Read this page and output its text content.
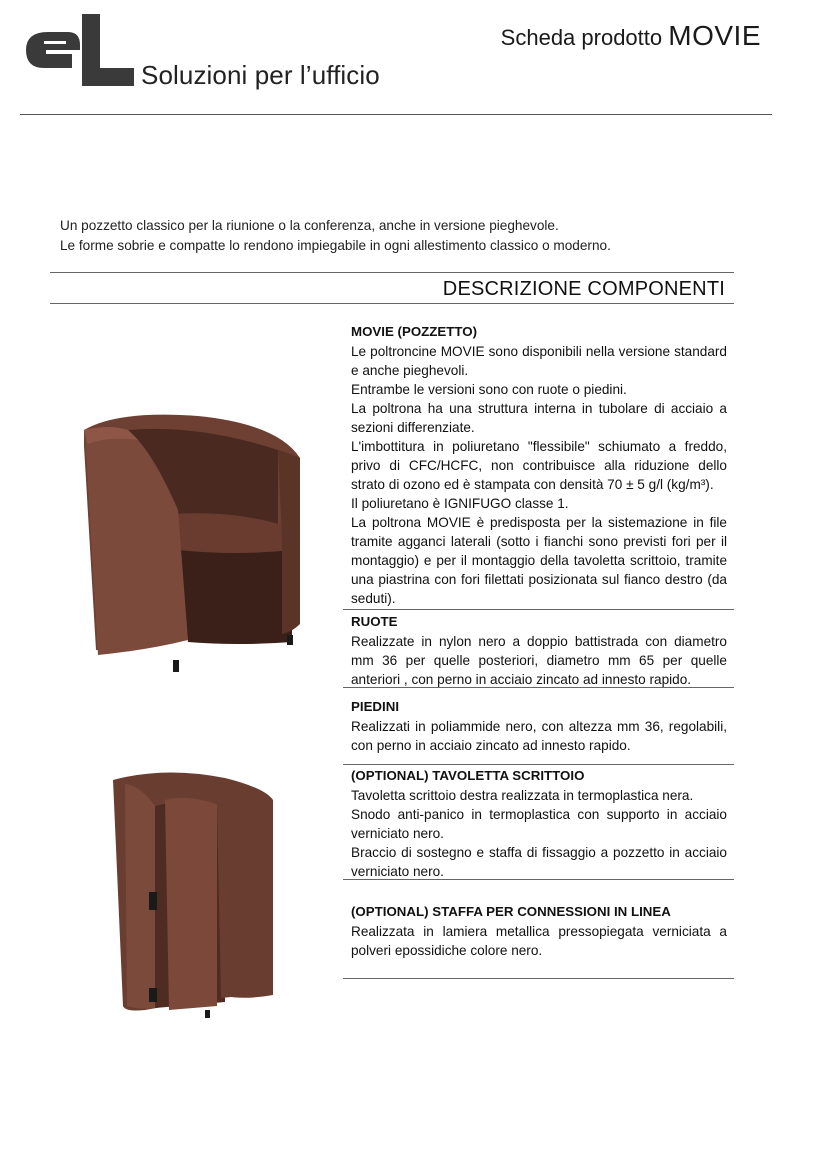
Soluzioni per l’ufficio
Scheda prodotto MOVIE
Un pozzetto classico per la riunione o la conferenza, anche in versione pieghevole.
Le forme sobrie e compatte lo rendono impiegabile in ogni allestimento classico o moderno.
DESCRIZIONE COMPONENTI
MOVIE (POZZETTO)
Le poltroncine MOVIE sono disponibili nella versione standard e anche pieghevoli.
Entrambe le versioni sono con ruote o piedini.
La poltrona ha una struttura interna in tubolare di acciaio a sezioni differenziate.
L'imbottitura in poliuretano "flessibile" schiumato a freddo, privo di CFC/HCFC, non contribuisce alla riduzione dello strato di ozono ed è stampata con densità 70 ± 5 g/l (kg/m³).
Il poliuretano è IGNIFUGO classe 1.
La poltrona MOVIE è predisposta per la sistemazione in file tramite agganci laterali (sotto i fianchi sono previsti fori per il montaggio) e per il montaggio della tavoletta scrittoio, tramite una piastrina con fori filettati posizionata sul fianco destro (da seduti).
RUOTE
Realizzate in nylon nero a doppio battistrada con diametro mm 36 per quelle posteriori, diametro mm 65 per quelle anteriori , con perno in acciaio zincato ad innesto rapido.
PIEDINI
Realizzati in poliammide nero, con altezza mm 36, regolabili, con perno in acciaio zincato ad innesto rapido.
(OPTIONAL) TAVOLETTA SCRITTOIO
Tavoletta scrittoio destra realizzata in termoplastica nera.
Snodo anti-panico in termoplastica con supporto in acciaio verniciato nero.
Braccio di sostegno e staffa di fissaggio a pozzetto in acciaio verniciato nero.
(OPTIONAL) STAFFA PER CONNESSIONI IN LINEA
Realizzata in lamiera metallica pressopiegata verniciata a polveri epossidiche colore nero.
